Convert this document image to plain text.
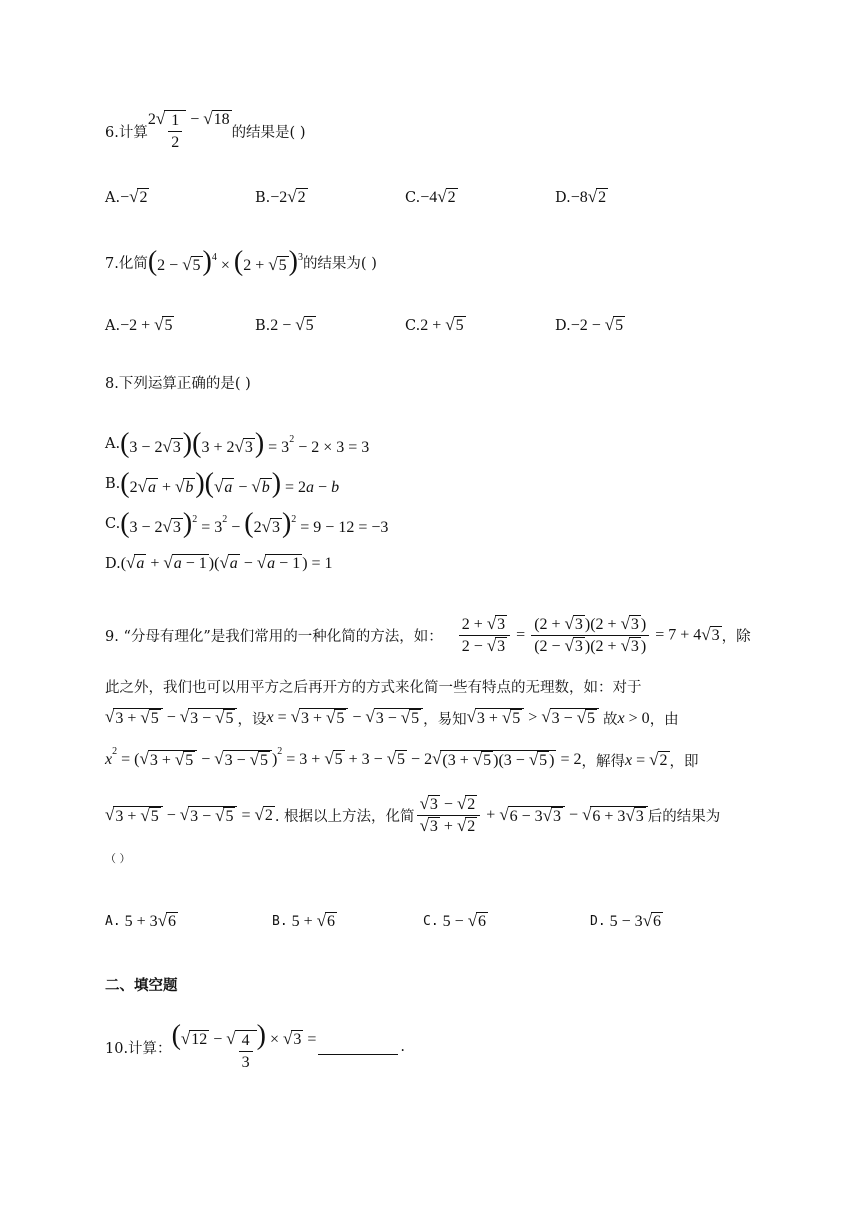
6.计算
2 √ $\frac{1}{2}$ − √ 18
的结果是( )
A. − √ 2	B. −2 √ 2	C. −4 √ 2	D. −8 √ 2
7.化简 (2 − √ 5 )$^4$ × (2 + √ 5 )$^3$ 的结果为( )
A. −2 + √ 5	B. 2 − √ 5	C. 2 + √ 5	D. −2 − √ 5
8.下列运算正确的是( )
A. (3 − 2 √ 3 )(3 + 2 √ 3 ) = $3^2 - 2 \times 3 = 3$
B. (2 √ a + √ b )( √ a − √ b ) = 2a − b
C. (3 − 2 √ 3 )$^2 = 3^2 - (2$ √ 3 )$^2$ = 9 − 12 = −3
D. ( √ a + √ a − 1 )( √ a − √ a − 1 ) = 1
9. “分母有理化”是我们常用的一种化简的方法，如： $\frac{2 + √ 3}{2 - √ 3} = \frac{(2 + √ 3 )(2 + √ 3 )}{(2 - √ 3 )(2 + √ 3 )} = 7 + 4$ √ 3 ，除
此之外，我们也可以用平方之后再开方的方式来化简一些有特点的无理数，如：对于
√ 3 + √ 5 − √ 3 − √ 5 ，设 x = √ 3 + √ 5 − √ 3 − √ 5 ，易知 √ 3 + √ 5 > √ 3 − √ 5 故 x > 0 ，由
$x^2$ = ( √ 3 + √ 5 − √ 3 − √ 5 )$^2$ = 3 + √ 5 + 3 − √ 5 − 2 √ (3 + √ 5 )(3 − √ 5 ) = 2 ，解得 x = √ 2 ，即
√ 3 + √ 5 − √ 3 − √ 5 = √ 2 . 根据以上方法，化简 $\frac{√ 3 - √ 2}{√ 3 + √ 2}$ + √ 6 − 3 √ 3 − √ 6 + 3 √ 3 后的结果为
（ ）
A. 5 + 3 √ 6	B. 5 + √ 6	C. 5 − √ 6	D. 5 − 3 √ 6
二、填空题
10.计算： ( √ 12 − √ $\frac{4}{3}$ ) × √ 3 =	.
